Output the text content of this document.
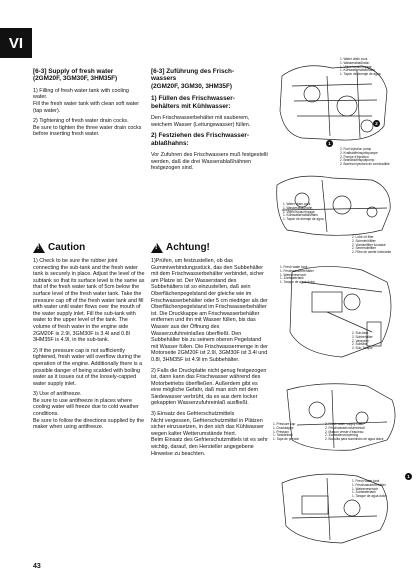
VI
[6-3] Supply of fresh water
(2GM20F, 3GM30F, 3HM35F)

1) Filling of fresh water tank with cooling water.
Fill the fresh water tank with clean soft water (tap water).

2) Tightening of fresh water drain cocks.
Be sure to tighten the three water drain cocks before inserting fresh water.

[6-3] Zuführung des Frisch-
wassers
(2GM20F, 3GM30, 3HM35F)
1) Füllen des Frischwasser-
behälters mit Kühlwasser:

Den Frischwasserbehälter mit sauberem, weichem Wasser (Leitungswasser) füllen.

2) Festziehen des Frischwasser-
ablaßhahns:

Vor Zufuhren des Frischwassers muß festgestellt werden, daß die drei Wasserablaßhähnen festgezogen sind.

! Caution	! Achtung!

1) Check to be sure the rubber joint connecting the sub-tank and the fresh water tank is securely in place. Adjust the level of the subtank so that its surface level is the same as that of the fresh water tank of 5cm below the surface level of the fresh water tank. Take the pressure cap off of the fresh water tank and fill with water until water flows over the mouth of the water supply inlet. Fill the sub-tank with water to the upper level of the tank. The volume of fresh water in the engine side 2GM20F is 2.9l, 3GM30F is 3.4l and 0.8l 3HM35F is 4.9l, in the sub-tank.

2) If the pressure cap is not sufficiently tightened, fresh water will overflow during the operation of the engine. Additionally there is a possible danger of being scalded with boiling water as it issues out of the loosely-capped water supply inlet.

3) Use of antifreeze.
Be sure to use antifreeze in places where cooling water will freeze due to cold weather conditions.
Be sure to follow the directions supplied by the maker when using antifreeze.

1)Prüfen, um festzustellen, ob das Gummiverbindungsstück, das den Subbehälter mit dem Frischwasserbehälter verbindet, sicher am Platze ist. Der Wasserstand des Subbehälters ist so einzustellen, daß sein Oberflächenpegelstand der gleiche wie im Frischwasserbehälter oder 5 cm niedriger als der Oberflächenpegelstand im Frischwasserbehälter ist. Die Druckkappe am Frischwasserbehälter entfernen und ihn mit Wasser füllen, bis das Wasser aus der Öffnung des Wasserzufuhreinlaßes überfließt. Den Subbehälter bis zu seinem oberen Pegelstand mit Wasser füllen. Die Frischwassermenge in der Motorseite 2GM20F ist 2.9l, 3GM30F ist 3.4l und 0.8l, 3HM35F ist 4.9l im Subbehälter.

2) Falls die Druckplatte nicht genug festgezogen ist, dann kann das Frischwasser während des Motorbetriebs überfließen. Außerdem gibt es eine mögliche Gefahr, daß man sich mit dem Siedewasser verbrüht, da es aus dem locker gekappten Wasserzufuhreinlaß ausfließt.

3) Einsatz des Gefrierschutzmittels
Nicht vergessen, Gefrierschutzmittel in Plätzen sicher einzusetzen, in den sich das Kühlwasser wegen kalter Wetterumstände friert.
Beim Einsatz des Gefrierschutzmittels ist es sehr wichtig, darauf, den Hersteller angegebene Hinweise zu beachten.

1. Water drain cock
1. Wasserablaßhahn
1. Vidéo tuyau/rinçage
1. Kühlwasserablaßhahn
1. Tapón de drenaje de agua
2. Fuel injection pump
2. Kraftstoffeinspritzpumpe
2. Pompe d'injection
2. Brandstofinspuitpomp
2. Bomba inyectora de combustible
1
2
1. Water drain cock
1. Wasserablaßhahn
1. Vidéo tuyau/rinçage
1. Kühlwasserablaßhahn
1. Tapón de drenaje de agua
2. Lube oil filter
2. Schmierölfilter
2. Voedselfilter lucrasse
2. Smeerolieﬁlter
2. Filtro de aceite lubricante
1. Fresh water tank
1. Frischwasserbehälter
1. Wateerreservoir
1. Zoetwatertank
1. Tanque de agua dulce
2. Sub-tank
2. Subbehälter
2. Vaseprim
2. Subtank
2. Sub-Tanque
1. Pressure cap
1. Druckkappe
1. Pression
1. Tankdeksel
1. Tapa de presión
2. Fresh water supply inlet
2. Frischwasserzufuhreinlaß
2. Maison verser d'eau/eau
2. Zoetwatervulopening
2. Boquilla para suministro de agua dulce
1. Fresh water tank
1. Frischwasserbehälter
1. Wateerreservoir
1. Zoetwatertank
1. Tanque de agua dulce
1
43
